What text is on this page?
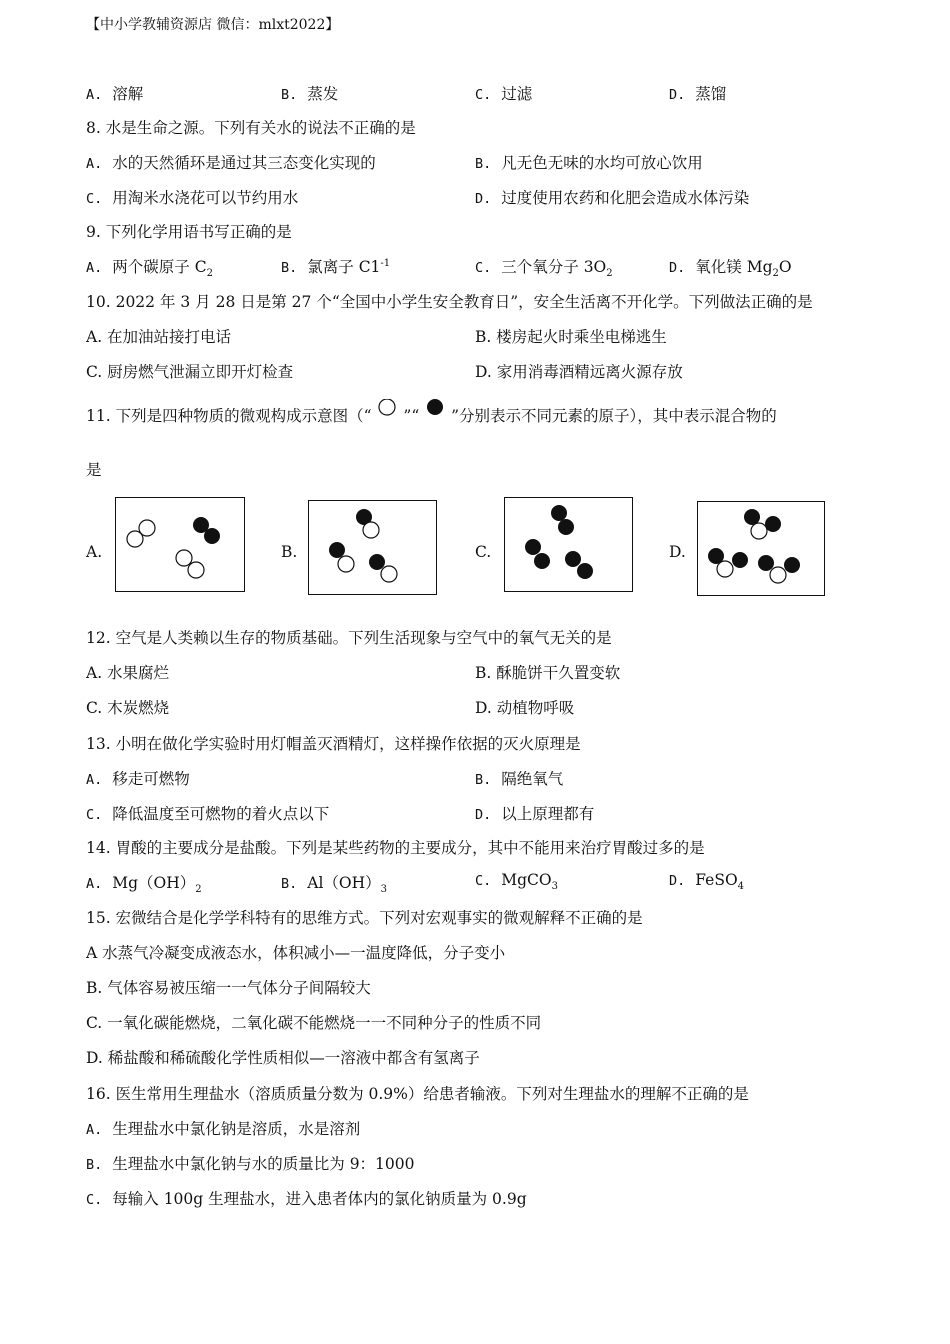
【中小学教辅资源店 微信：mlxt2022】
A. 溶解	B. 蒸发	C. 过滤	D. 蒸馏
8. 水是生命之源。下列有关水的说法不正确的是
A. 水的天然循环是通过其三态变化实现的	B. 凡无色无味的水均可放心饮用
C. 用淘米水浇花可以节约用水	D. 过度使用农药和化肥会造成水体污染
9. 下列化学用语书写正确的是
A. 两个碳原子 $C_2$	B. 氯离子 $C1^{-1}$	C. 三个氧分子 $3O_2$	D. 氧化镁 $Mg_2O$
10. 2022 年 3 月 28 日是第 27 个“全国中小学生安全教育日”，安全生活离不开化学。下列做法正确的是
A. 在加油站接打电话	B. 楼房起火时乘坐电梯逃生
C. 厨房燃气泄漏立即开灯检查	D. 家用消毒酒精远离火源存放
11. 下列是四种物质的微观构成示意图（“ ”“ ”分别表示不同元素的原子），其中表示混合物的
是
A.	B.	C.	D.
12. 空气是人类赖以生存的物质基础。下列生活现象与空气中的氧气无关的是
A. 水果腐烂	B. 酥脆饼干久置变软
C. 木炭燃烧	D. 动植物呼吸
13. 小明在做化学实验时用灯帽盖灭酒精灯，这样操作依据的灭火原理是
A. 移走可燃物	B. 隔绝氧气
C. 降低温度至可燃物的着火点以下	D. 以上原理都有
14. 胃酸的主要成分是盐酸。下列是某些药物的主要成分，其中不能用来治疗胃酸过多的是
A. $Mg(OH)_2$	B. $Al(OH)_3$
C. MgCO$_3$	D. FeSO$_4$
15. 宏微结合是化学学科特有的思维方式。下列对宏观事实的微观解释不正确的是
A 水蒸气冷凝变成液态水，体积减小—一温度降低，分子变小
B. 气体容易被压缩一一气体分子间隔较大
C. 一氧化碳能燃烧，二氧化碳不能燃烧一一不同种分子的性质不同
D. 稀盐酸和稀硫酸化学性质相似—一溶液中都含有氢离子
16. 医生常用生理盐水（溶质质量分数为 0.9%）给患者输液。下列对生理盐水的理解不正确的是
A. 生理盐水中氯化钠是溶质，水是溶剂
B. 生理盐水中氯化钠与水的质量比为 9：1000
C. 每输入 100g 生理盐水，进入患者体内的氯化钠质量为 0.9g
